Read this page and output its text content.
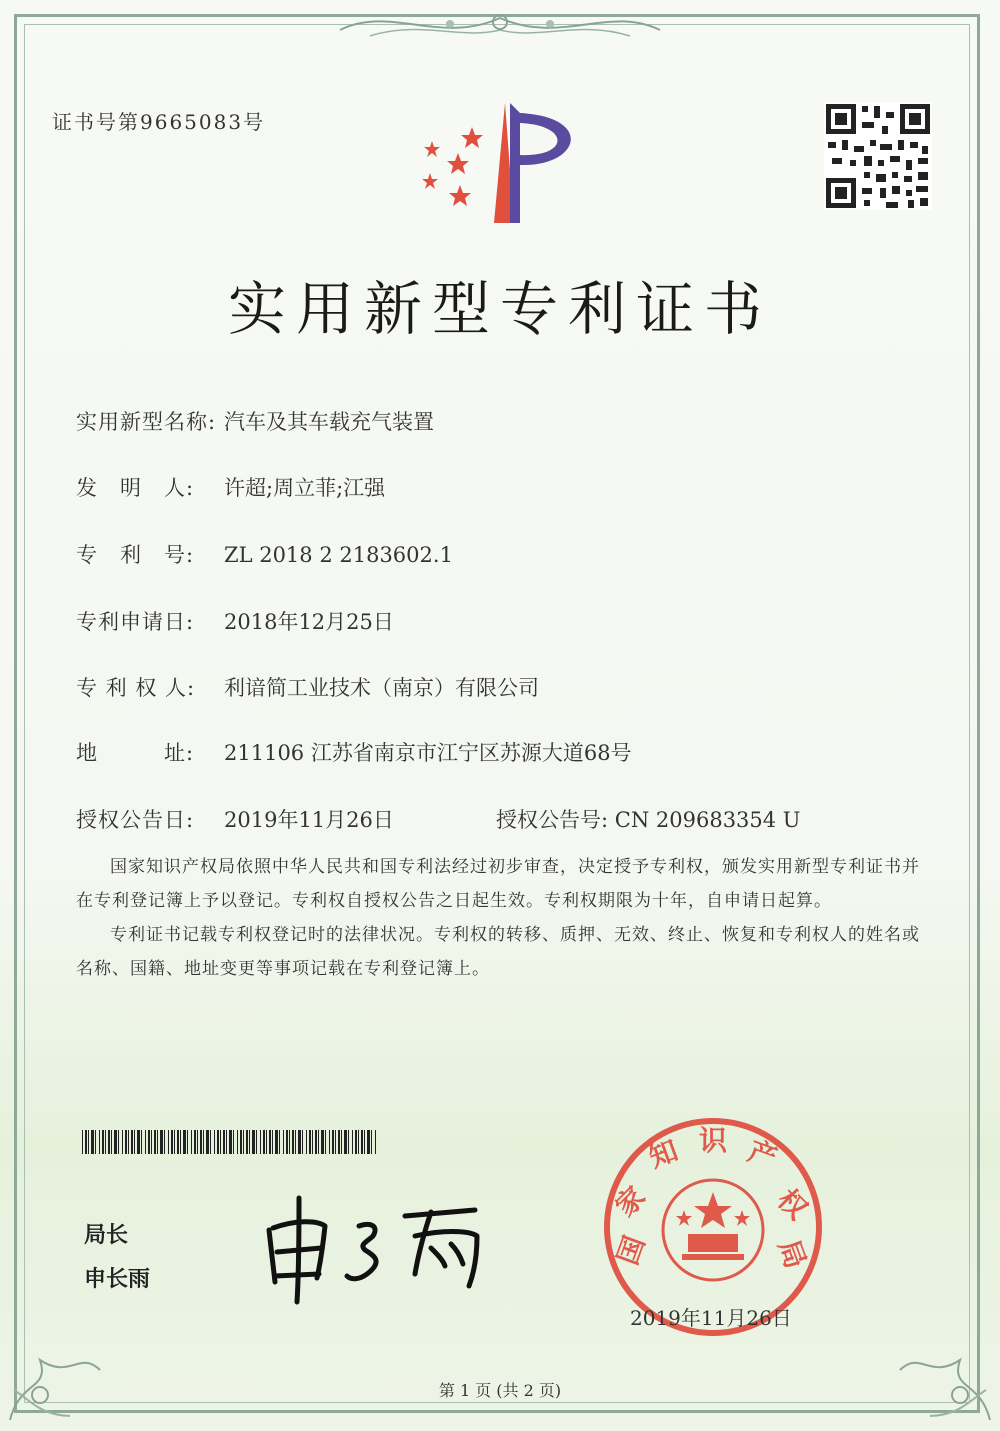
证书号第9665083号
实用新型专利证书
实用新型名称: 汽车及其车载充气装置
发　明　人: 许超;周立菲;江强
专　利　号: ZL 2018 2 2183602.1
专利申请日: 2018年12月25日
专 利 权 人: 利谙简工业技术（南京）有限公司
地　　　址: 211106 江苏省南京市江宁区苏源大道68号
授权公告日: 2019年11月26日	授权公告号: CN 209683354 U

国家知识产权局依照中华人民共和国专利法经过初步审查，决定授予专利权，颁发实用新型专利证书并在专利登记簿上予以登记。专利权自授权公告之日起生效。专利权期限为十年，自申请日起算。

专利证书记载专利权登记时的法律状况。专利权的转移、质押、无效、终止、恢复和专利权人的姓名或名称、国籍、地址变更等事项记载在专利登记簿上。

局长
申长雨
国
家
知 识 产
权
局
2019年11月26日
第 1 页 (共 2 页)
